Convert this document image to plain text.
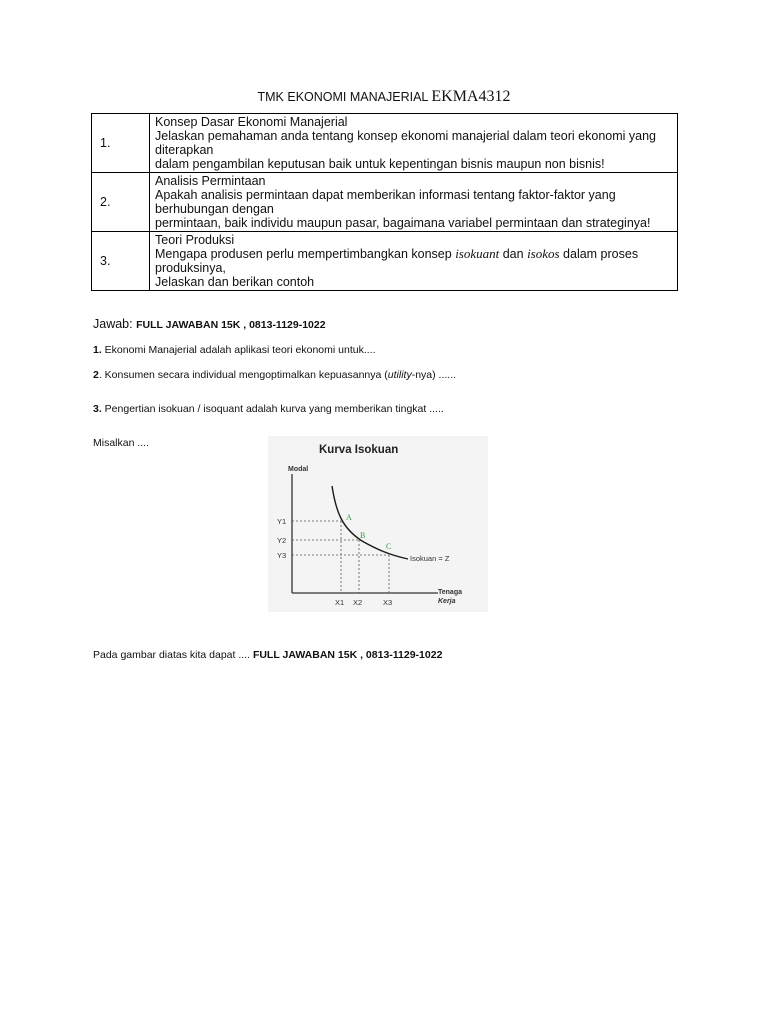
TMK EKONOMI MANAJERIAL EKMA4312
1.	Konsep Dasar Ekonomi Manajerial
Jelaskan pemahaman anda tentang konsep ekonomi manajerial dalam teori ekonomi yang diterapkan
dalam pengambilan keputusan baik untuk kepentingan bisnis maupun non bisnis!

2.	Analisis Permintaan
Apakah analisis permintaan dapat memberikan informasi tentang faktor-faktor yang berhubungan dengan
permintaan, baik individu maupun pasar, bagaimana variabel permintaan dan strateginya!

3.	Teori Produksi
Mengapa produsen perlu mempertimbangkan konsep isokuant dan isokos dalam proses produksinya,
Jelaskan dan berikan contoh
Jawab: FULL JAWABAN 15K , 0813-1129-1022
1. Ekonomi Manajerial adalah aplikasi teori ekonomi untuk....
2. Konsumen secara individual mengoptimalkan kepuasannya (utility-nya) ......
3. Pengertian isokuan / isoquant adalah kurva yang memberikan tingkat .....
Misalkan ....
Kurva Isokuan
Modal
Tenaga
Kerja
Isokuan = Z
A
B
C
Y1
Y2
Y3
X1 X2	X3
Pada gambar diatas kita dapat .... FULL JAWABAN 15K , 0813-1129-1022
